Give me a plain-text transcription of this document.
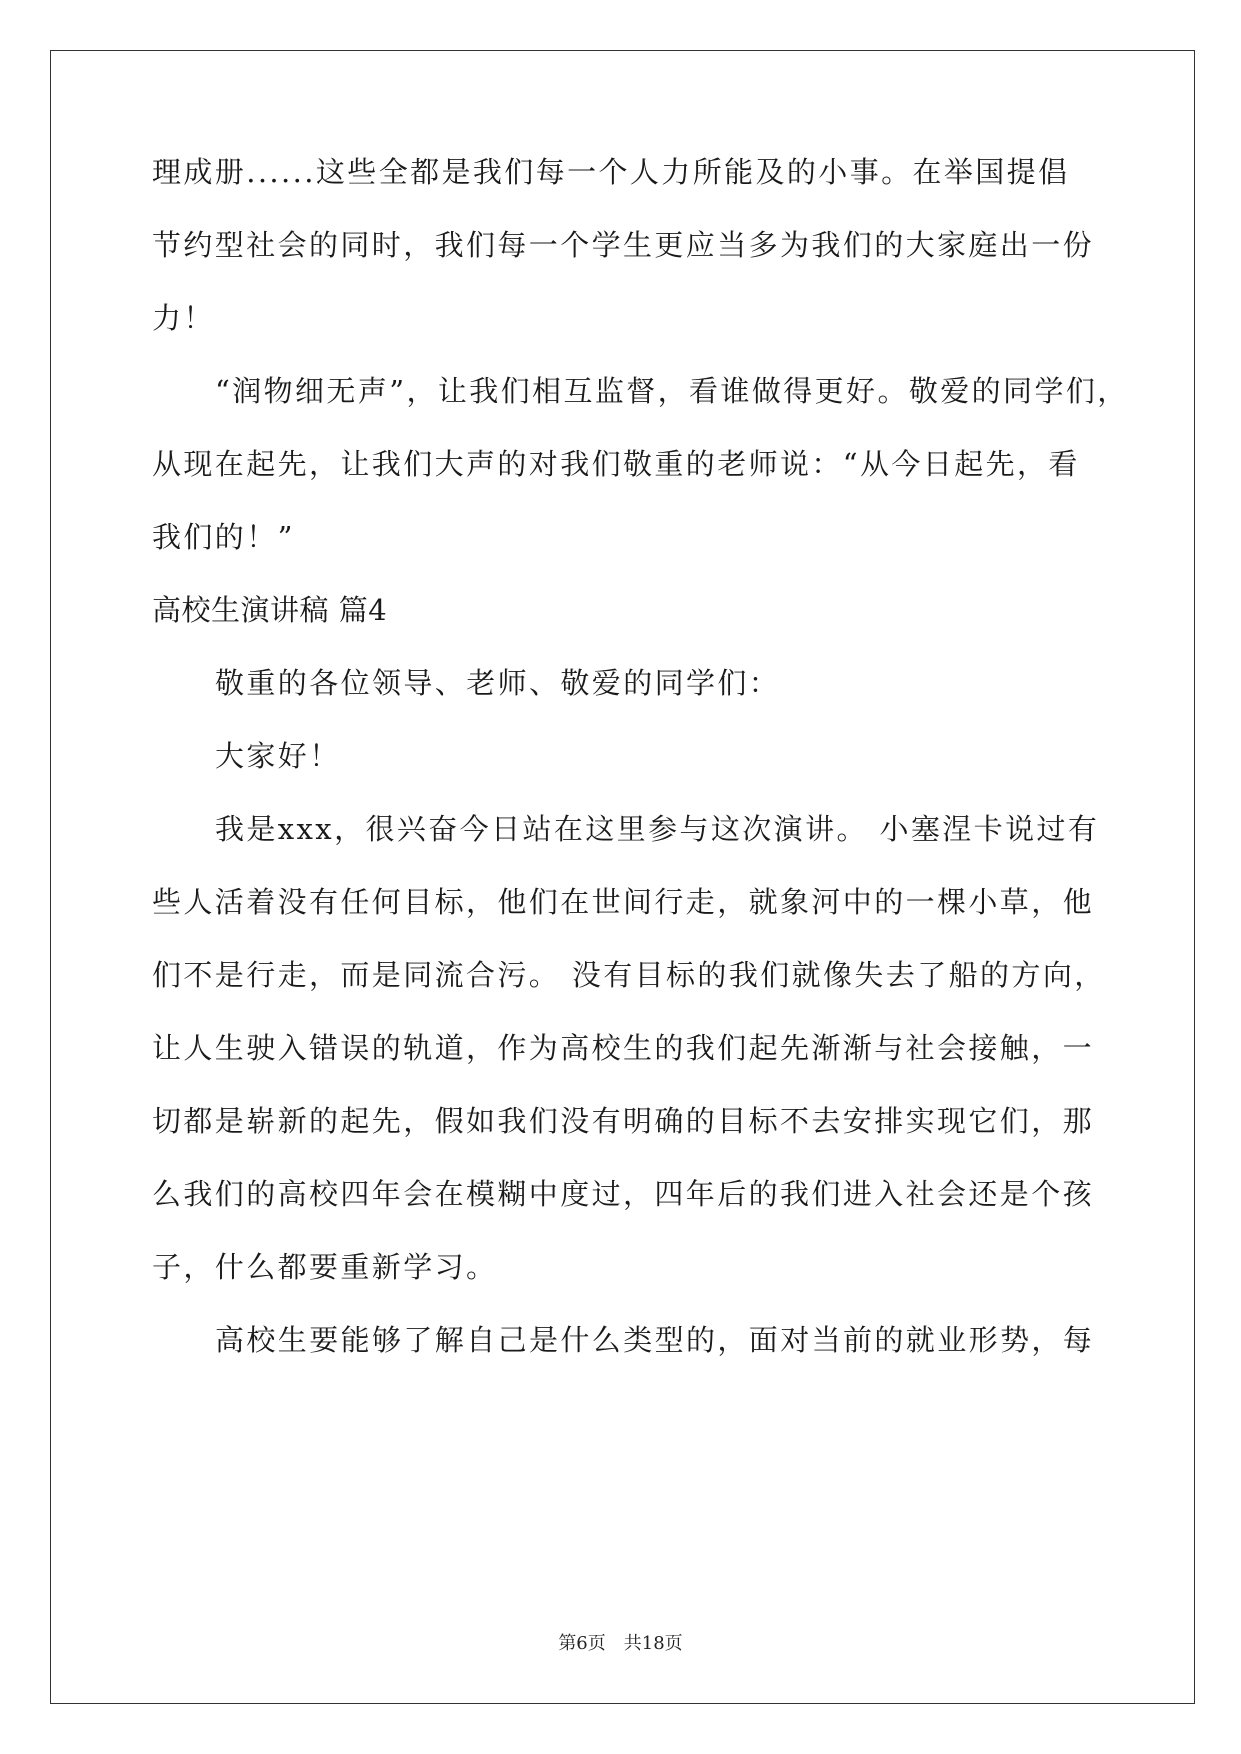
理成册......这些全都是我们每一个人力所能及的小事。在举国提倡
节约型社会的同时，我们每一个学生更应当多为我们的大家庭出一份
力！
“润物细无声”，让我们相互监督，看谁做得更好。敬爱的同学们，
从现在起先，让我们大声的对我们敬重的老师说：“从今日起先，看
我们的！”
高校生演讲稿 篇4
敬重的各位领导、老师、敬爱的同学们：
大家好！
我是xxx，很兴奋今日站在这里参与这次演讲。 小塞涅卡说过有
些人活着没有任何目标，他们在世间行走，就象河中的一棵小草，他
们不是行走，而是同流合污。 没有目标的我们就像失去了船的方向，
让人生驶入错误的轨道，作为高校生的我们起先渐渐与社会接触，一
切都是崭新的起先，假如我们没有明确的目标不去安排实现它们，那
么我们的高校四年会在模糊中度过，四年后的我们进入社会还是个孩
子，什么都要重新学习。
高校生要能够了解自己是什么类型的，面对当前的就业形势，每
第6页 共18页
